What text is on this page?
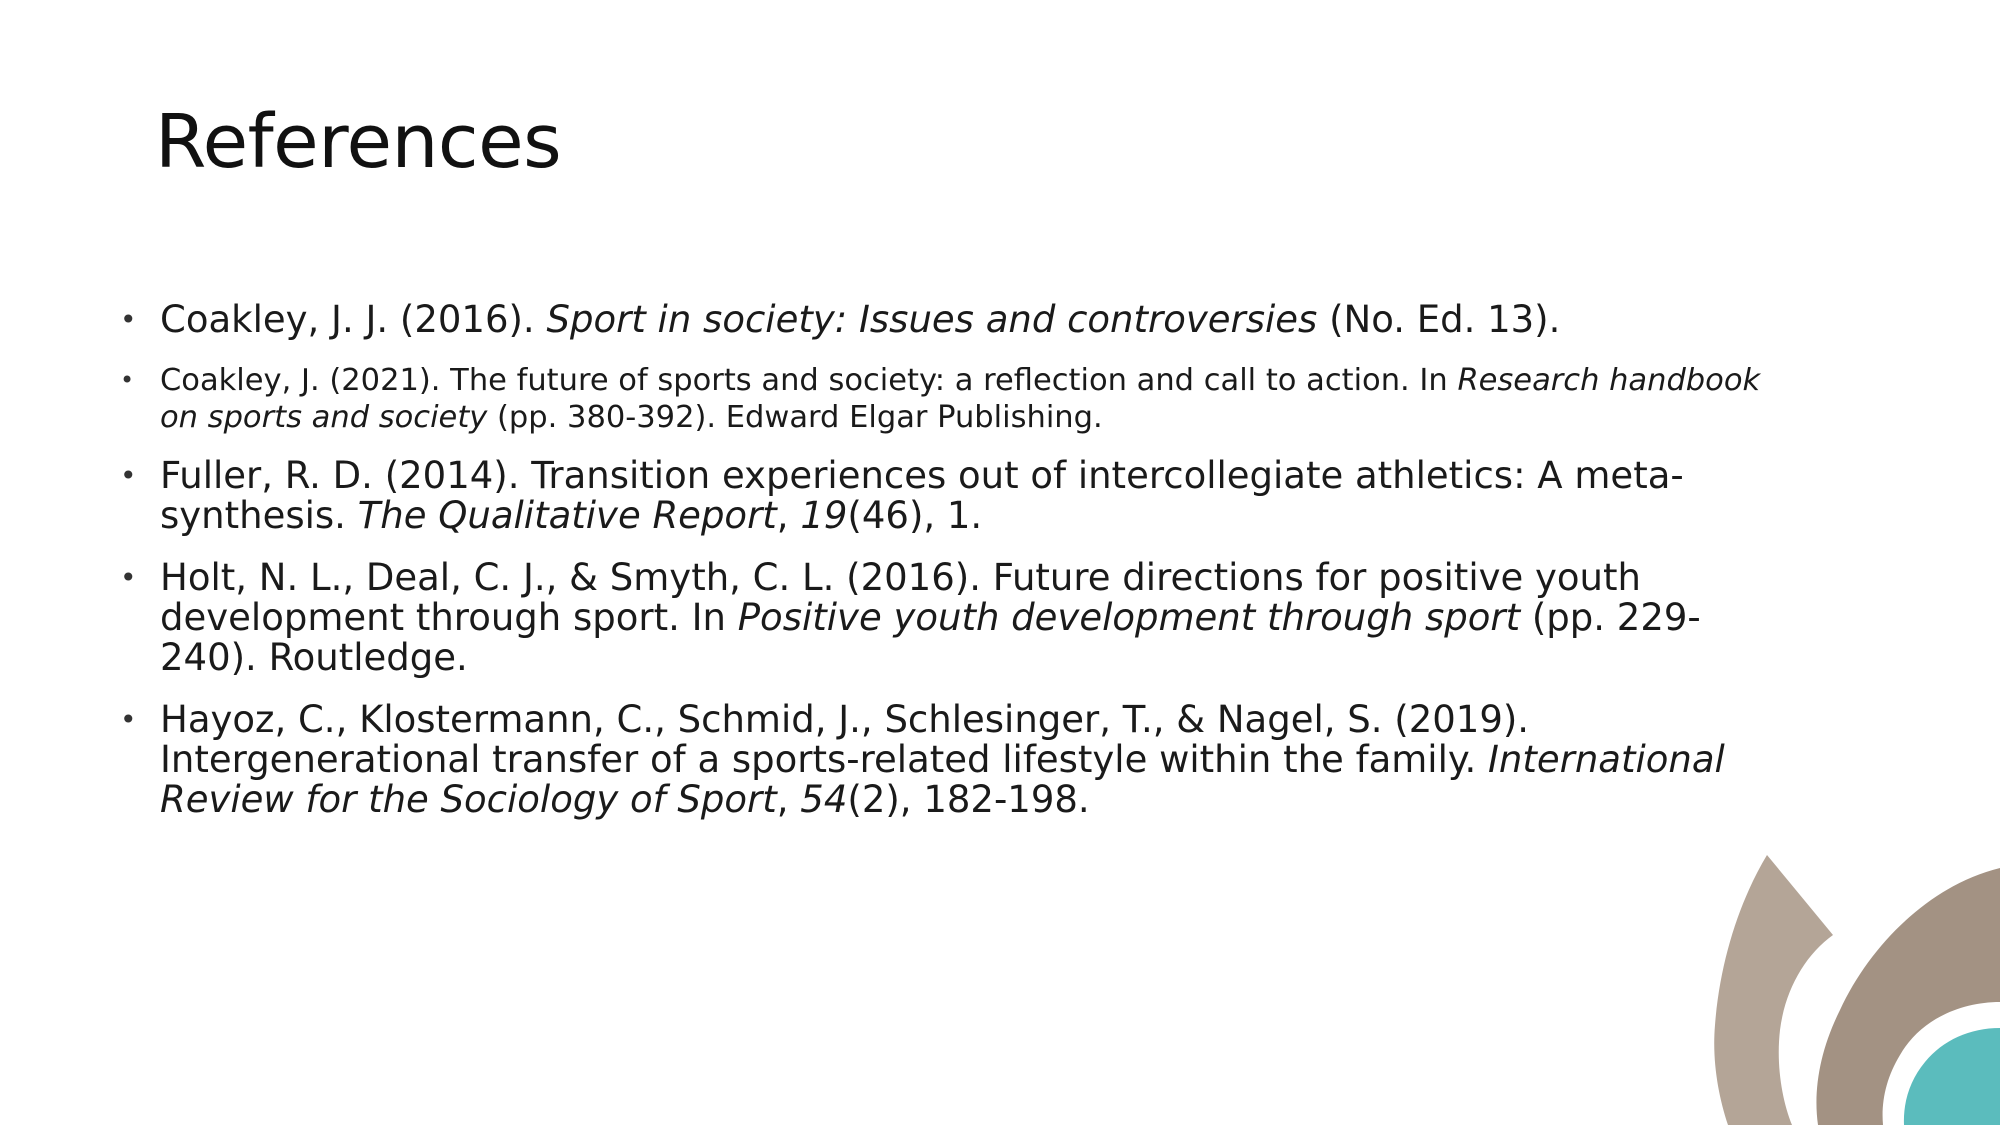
References
• Coakley, J. J. (2016). Sport in society: Issues and controversies (No. Ed. 13).
• Coakley, J. (2021). The future of sports and society: a reflection and call to action. In Research handbook on sports and society (pp. 380-392). Edward Elgar Publishing.
• Fuller, R. D. (2014). Transition experiences out of intercollegiate athletics: A meta-synthesis. The Qualitative Report, 19(46), 1.
• Holt, N. L., Deal, C. J., & Smyth, C. L. (2016). Future directions for positive youth development through sport. In Positive youth development through sport (pp. 229-240). Routledge.
• Hayoz, C., Klostermann, C., Schmid, J., Schlesinger, T., & Nagel, S. (2019). Intergenerational transfer of a sports-related lifestyle within the family. International Review for the Sociology of Sport, 54(2), 182-198.
